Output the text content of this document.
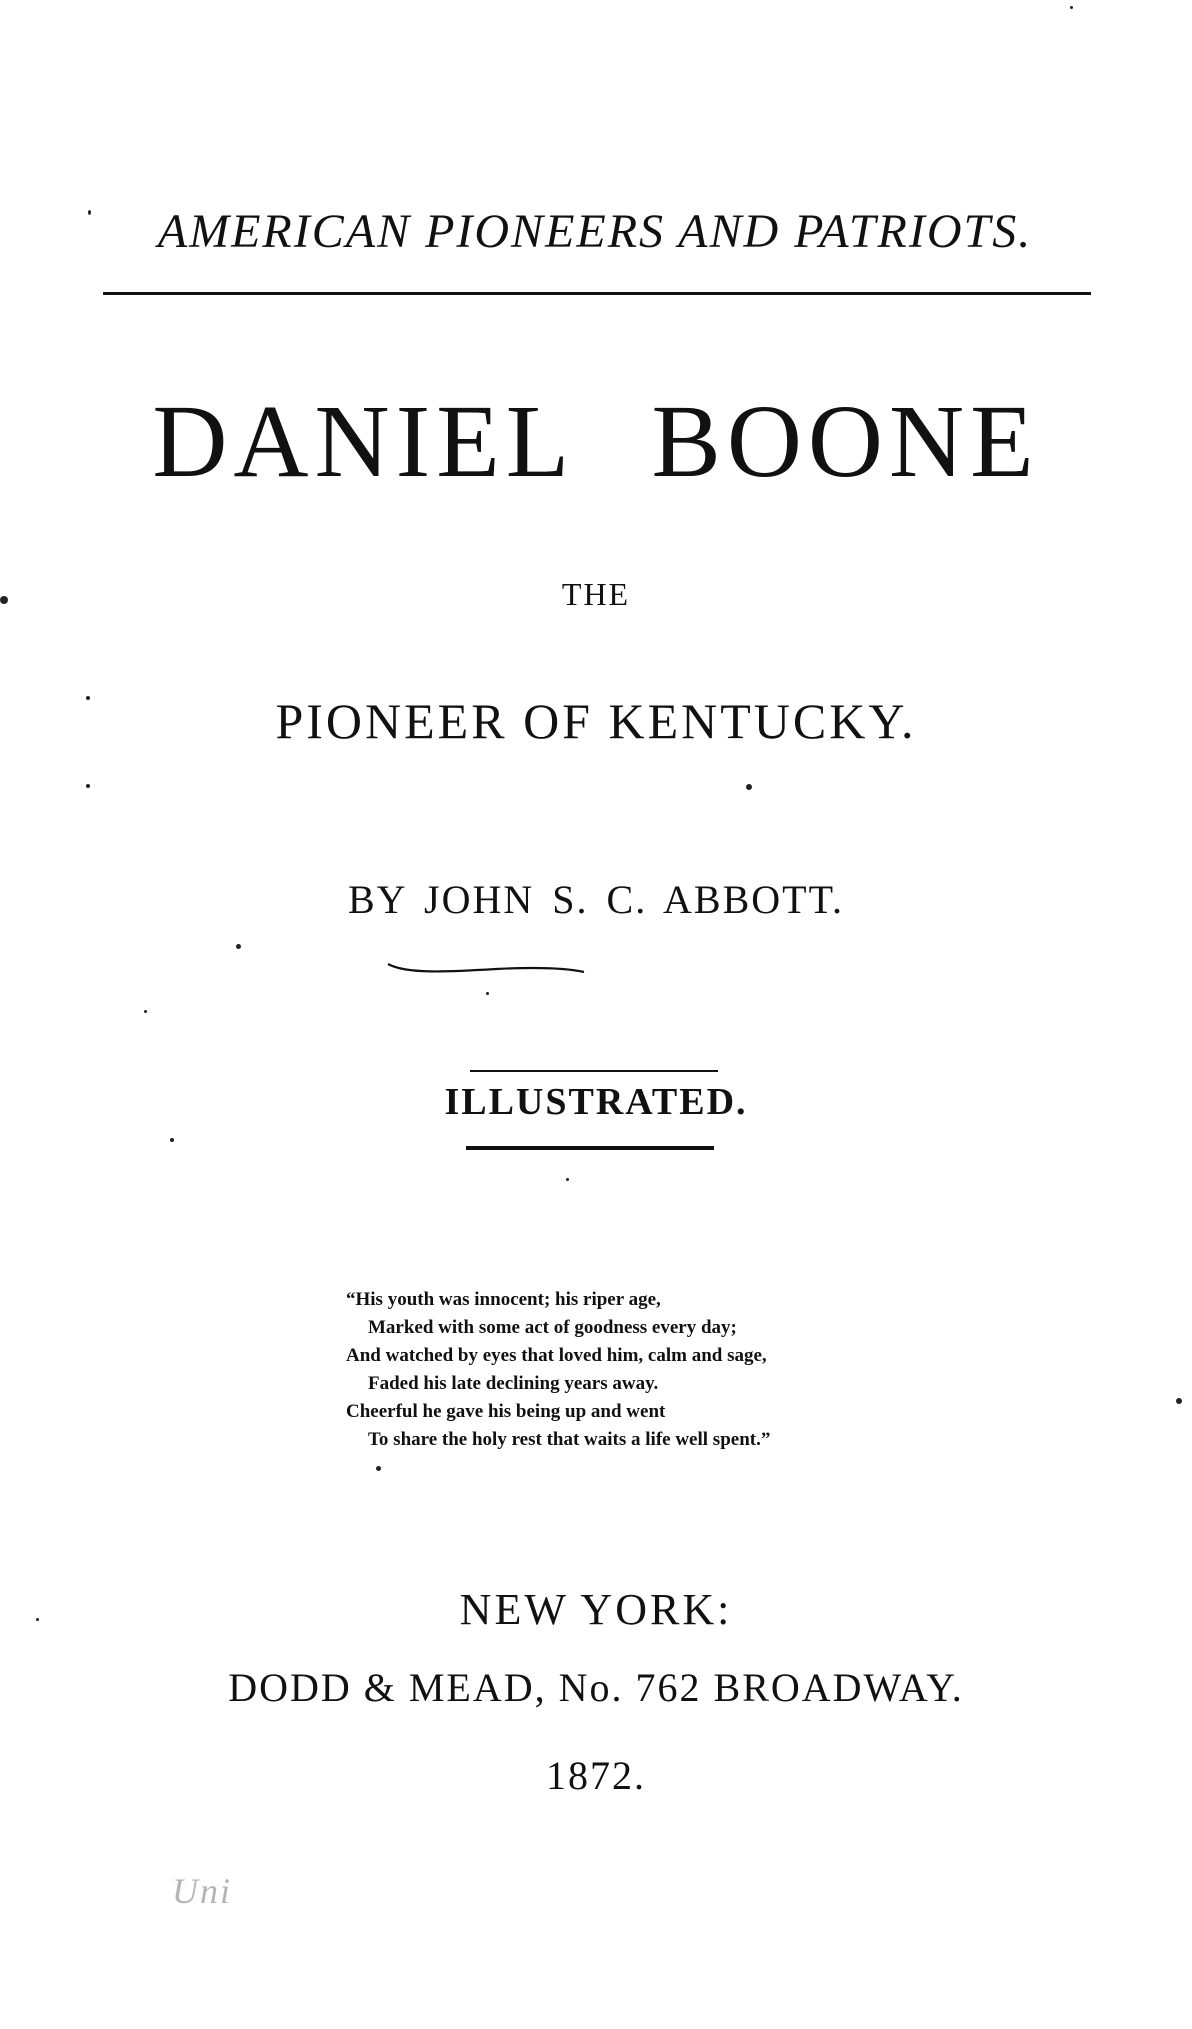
AMERICAN PIONEERS AND PATRIOTS.
DANIEL BOONE
THE
PIONEER OF KENTUCKY.
BY JOHN S. C. ABBOTT.
ILLUSTRATED.
“His youth was innocent; his riper age,
Marked with some act of goodness every day;
And watched by eyes that loved him, calm and sage,
Faded his late declining years away.
Cheerful he gave his being up and went
To share the holy rest that waits a life well spent.”
NEW YORK:
DODD & MEAD, No. 762 BROADWAY.
1872.
Uni
